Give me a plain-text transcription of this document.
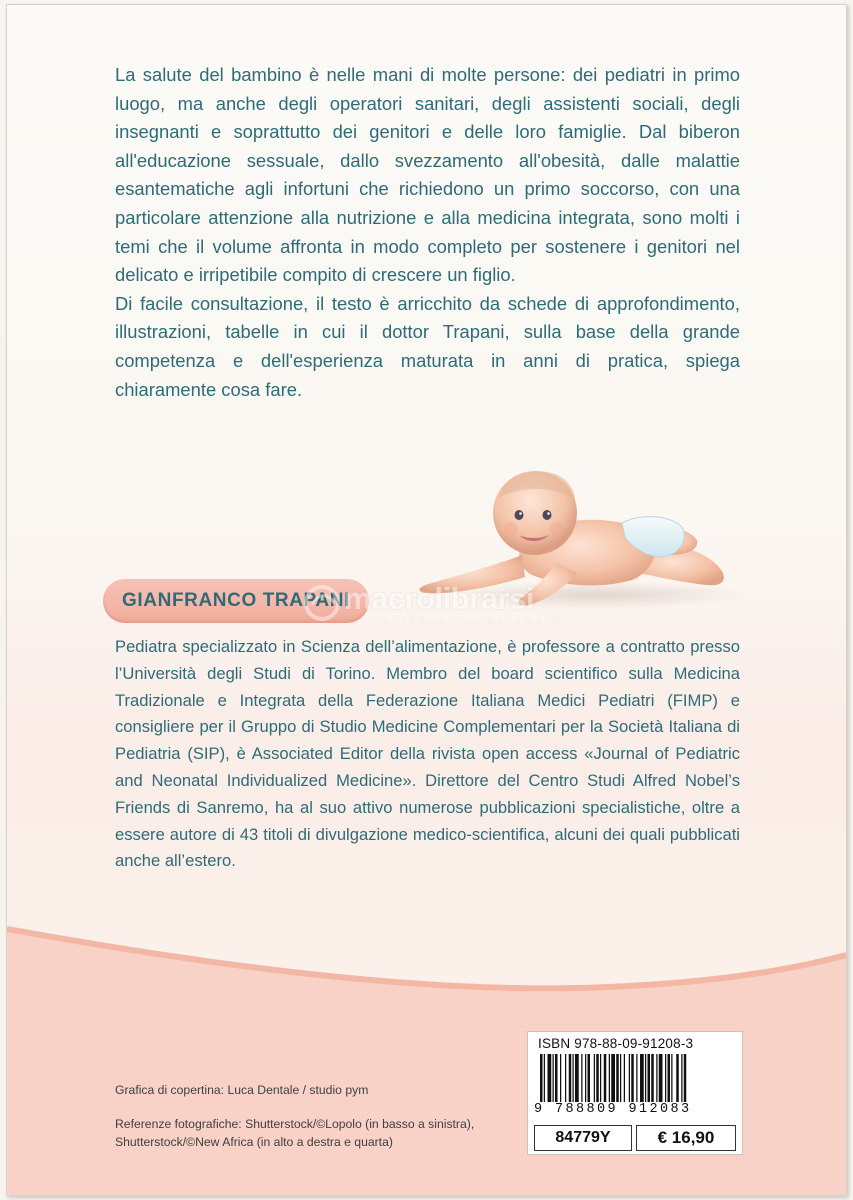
La salute del bambino è nelle mani di molte persone: dei pediatri in primo luogo, ma anche degli operatori sanitari, degli assistenti sociali, degli insegnanti e soprattutto dei genitori e delle loro famiglie. Dal biberon all'educazione sessuale, dallo svezzamento all'obesità, dalle malattie esantematiche agli infortuni che richiedono un primo soccorso, con una particolare attenzione alla nutrizione e alla medicina integrata, sono molti i temi che il volume affronta in modo completo per sostenere i genitori nel delicato e irripetibile compito di crescere un figlio.

Di facile consultazione, il testo è arricchito da schede di approfondimento, illustrazioni, tabelle in cui il dottor Trapani, sulla base della grande competenza e dell'esperienza maturata in anni di pratica, spiega chiaramente cosa fare.

GIANFRANCO TRAPANI
macrolibrarsi
ALTERNATIVA NATURALE

Pediatra specializzato in Scienza dell’alimentazione, è professore a contratto presso l’Università degli Studi di Torino. Membro del board scientifico sulla Medicina Tradizionale e Integrata della Federazione Italiana Medici Pediatri (FIMP) e consigliere per il Gruppo di Studio Medicine Complementari per la Società Italiana di Pediatria (SIP), è Associated Editor della rivista open access «Journal of Pediatric and Neonatal Individualized Medicine». Direttore del Centro Studi Alfred Nobel’s Friends di Sanremo, ha al suo attivo numerose pubblicazioni specialistiche, oltre a essere autore di 43 titoli di divulgazione medico-scientifica, alcuni dei quali pubblicati anche all’estero.

Grafica di copertina: Luca Dentale / studio pym

Referenze fotografiche: Shutterstock/©Lopolo (in basso a sinistra), Shutterstock/©New Africa (in alto a destra e quarta)

ISBN 978-88-09-91208-3
9 788809 912083
84779Y	€ 16,90
